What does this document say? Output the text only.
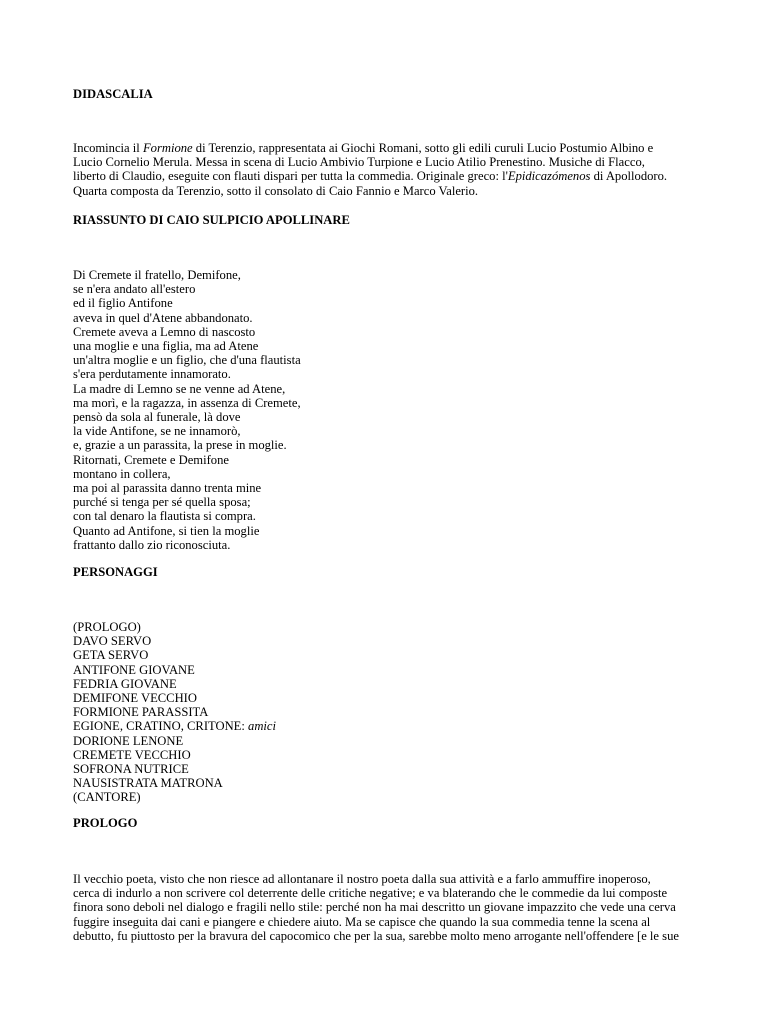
DIDASCALIA
Incomincia il Formione di Terenzio, rappresentata ai Giochi Romani, sotto gli edili curuli Lucio Postumio Albino e
Lucio Cornelio Merula. Messa in scena di Lucio Ambivio Turpione e Lucio Atilio Prenestino. Musiche di Flacco,
liberto di Claudio, eseguite con flauti dispari per tutta la commedia. Originale greco: l'Epidicazómenos di Apollodoro.
Quarta composta da Terenzio, sotto il consolato di Caio Fannio e Marco Valerio.
RIASSUNTO DI CAIO SULPICIO APOLLINARE
Di Cremete il fratello, Demifone,
se n'era andato all'estero
ed il figlio Antifone
aveva in quel d'Atene abbandonato.
Cremete aveva a Lemno di nascosto
una moglie e una figlia, ma ad Atene
un'altra moglie e un figlio, che d'una flautista
s'era perdutamente innamorato.
La madre di Lemno se ne venne ad Atene,
ma morì, e la ragazza, in assenza di Cremete,
pensò da sola al funerale, là dove
la vide Antifone, se ne innamorò,
e, grazie a un parassita, la prese in moglie.
Ritornati, Cremete e Demifone
montano in collera,
ma poi al parassita danno trenta mine
purché si tenga per sé quella sposa;
con tal denaro la flautista si compra.
Quanto ad Antifone, si tien la moglie
frattanto dallo zio riconosciuta.
PERSONAGGI
(PROLOGO)
DAVO SERVO
GETA SERVO
ANTIFONE GIOVANE
FEDRIA GIOVANE
DEMIFONE VECCHIO
FORMIONE PARASSITA
EGIONE, CRATINO, CRITONE: amici
DORIONE LENONE
CREMETE VECCHIO
SOFRONA NUTRICE
NAUSISTRATA MATRONA
(CANTORE)
PROLOGO
Il vecchio poeta, visto che non riesce ad allontanare il nostro poeta dalla sua attività e a farlo ammuffire inoperoso,
cerca di indurlo a non scrivere col deterrente delle critiche negative; e va blaterando che le commedie da lui composte
finora sono deboli nel dialogo e fragili nello stile: perché non ha mai descritto un giovane impazzito che vede una cerva
fuggire inseguita dai cani e piangere e chiedere aiuto. Ma se capisce che quando la sua commedia tenne la scena al
debutto, fu piuttosto per la bravura del capocomico che per la sua, sarebbe molto meno arrogante nell'offendere [e le sue
